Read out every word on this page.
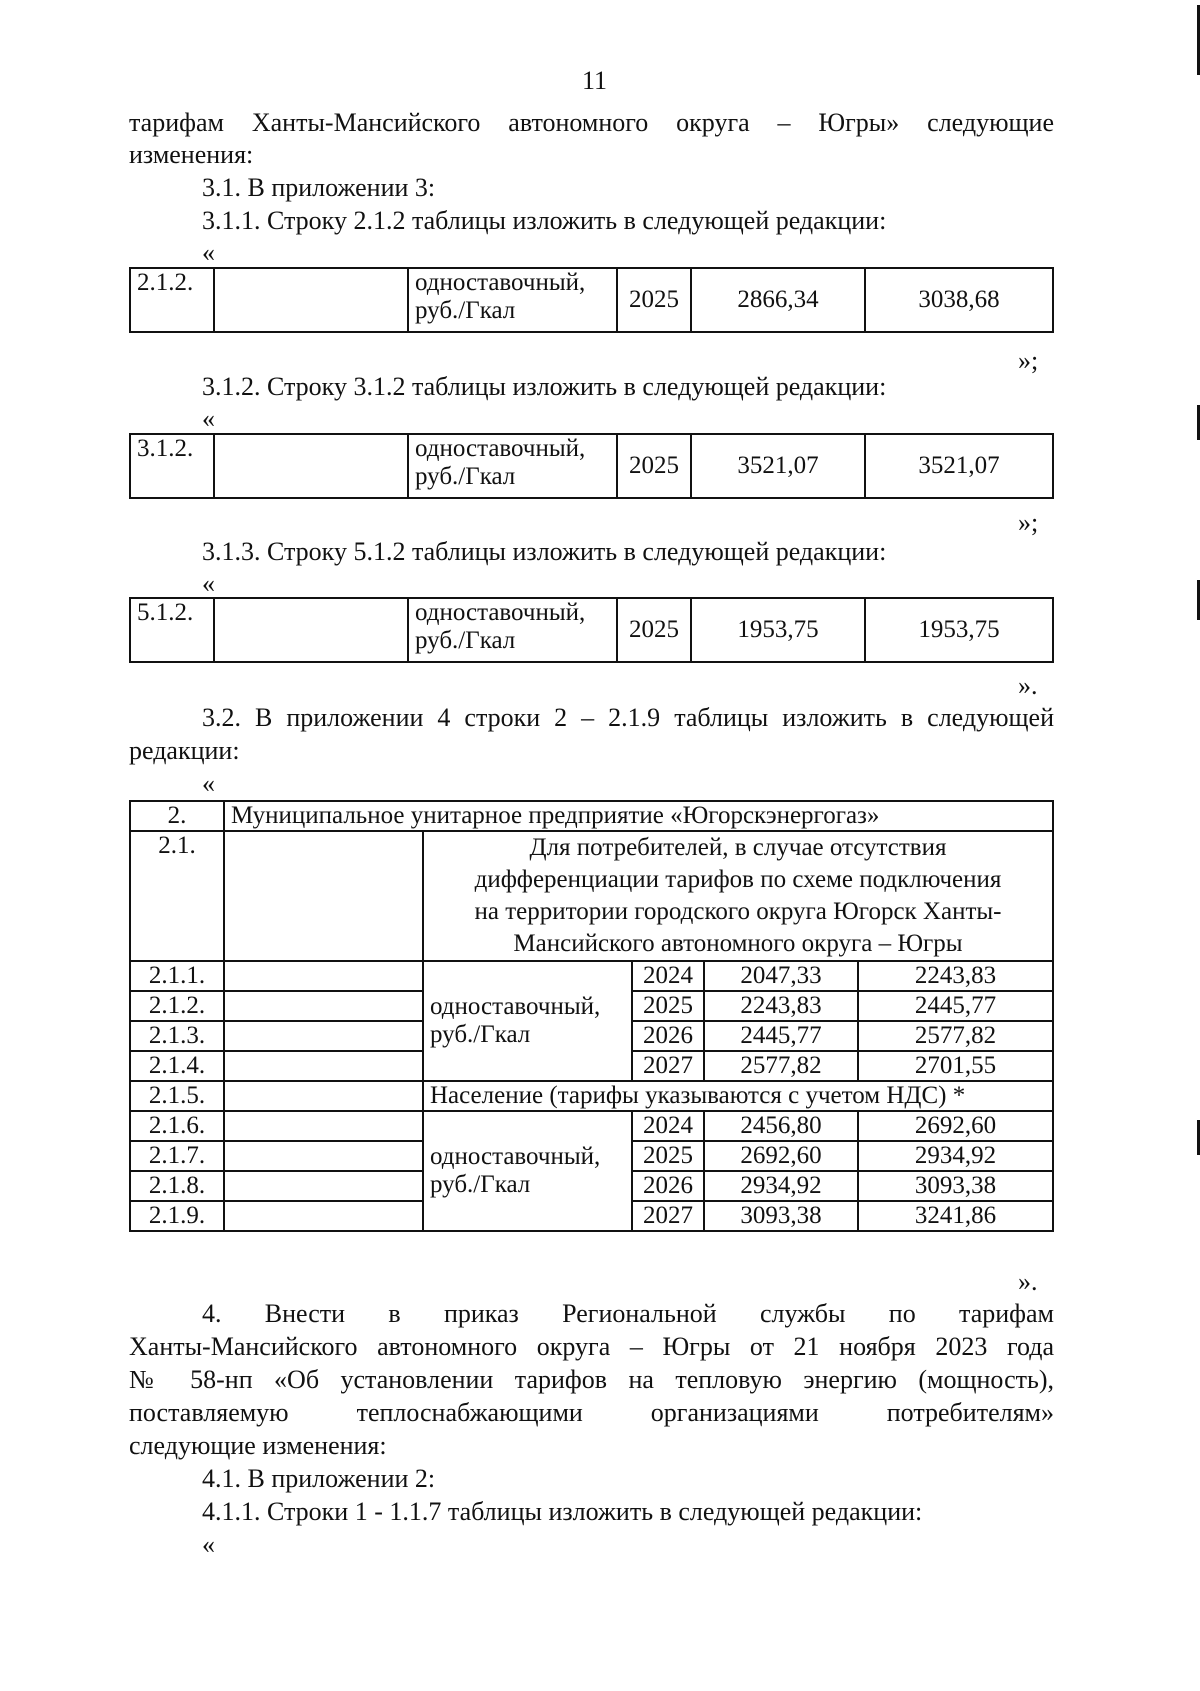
11
тарифам Ханты-Мансийского автономного округа – Югры» следующие
изменения:
3.1. В приложении 3:
3.1.1. Строку 2.1.2 таблицы изложить в следующей редакции:
«
2.1.2.		одноставочный,
руб./Гкал	2025	2866,34	3038,68
»;
3.1.2. Строку 3.1.2 таблицы изложить в следующей редакции:
«
3.1.2.		одноставочный,
руб./Гкал	2025	3521,07	3521,07
»;
3.1.3. Строку 5.1.2 таблицы изложить в следующей редакции:
«
5.1.2.		одноставочный,
руб./Гкал	2025	1953,75	1953,75
».
3.2. В приложении 4 строки 2 – 2.1.9 таблицы изложить в следующей
редакции:
«
2.	Муниципальное унитарное предприятие «Югорскэнергогаз»				
2.1.		Для потребителей, в случае отсутствия
дифференциации тарифов по схеме подключения
на территории городского округа Югорск Ханты-
Мансийского автономного округа – Югры			
2.1.1.		одноставочный,
руб./Гкал	2024	2047,33	2243,83
2.1.2.			2025	2243,83	2445,77
2.1.3.			2026	2445,77	2577,82
2.1.4.			2027	2577,82	2701,55
2.1.5.		Население (тарифы указываются с учетом НДС) *			
2.1.6.		одноставочный,
руб./Гкал	2024	2456,80	2692,60
2.1.7.			2025	2692,60	2934,92
2.1.8.			2026	2934,92	3093,38
2.1.9.			2027	3093,38	3241,86
».
4. Внести в приказ Региональной службы по тарифам
Ханты-Мансийского автономного округа – Югры от 21 ноября 2023 года
№ 58-нп «Об установлении тарифов на тепловую энергию (мощность),
поставляемую теплоснабжающими организациями потребителям»
следующие изменения:
4.1. В приложении 2:
4.1.1. Строки 1 - 1.1.7 таблицы изложить в следующей редакции:
«
